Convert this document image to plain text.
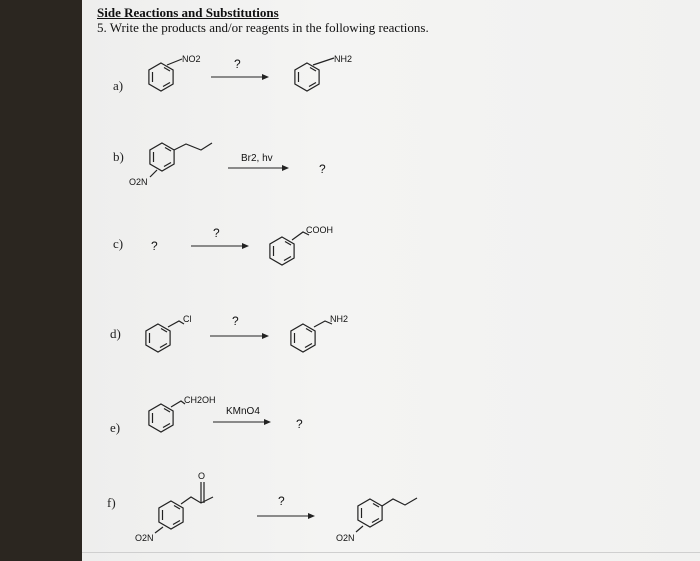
Side Reactions and Substitutions
5. Write the products and/or reagents in the following reactions.
a)
b)
c)
d)
e)
f)
NO2	?	NH2
O2N
Br2, hv
?
?
?	COOH
Cl	?	NH2
CH2OH
KMnO4
?
O
O2N
?
O2N
